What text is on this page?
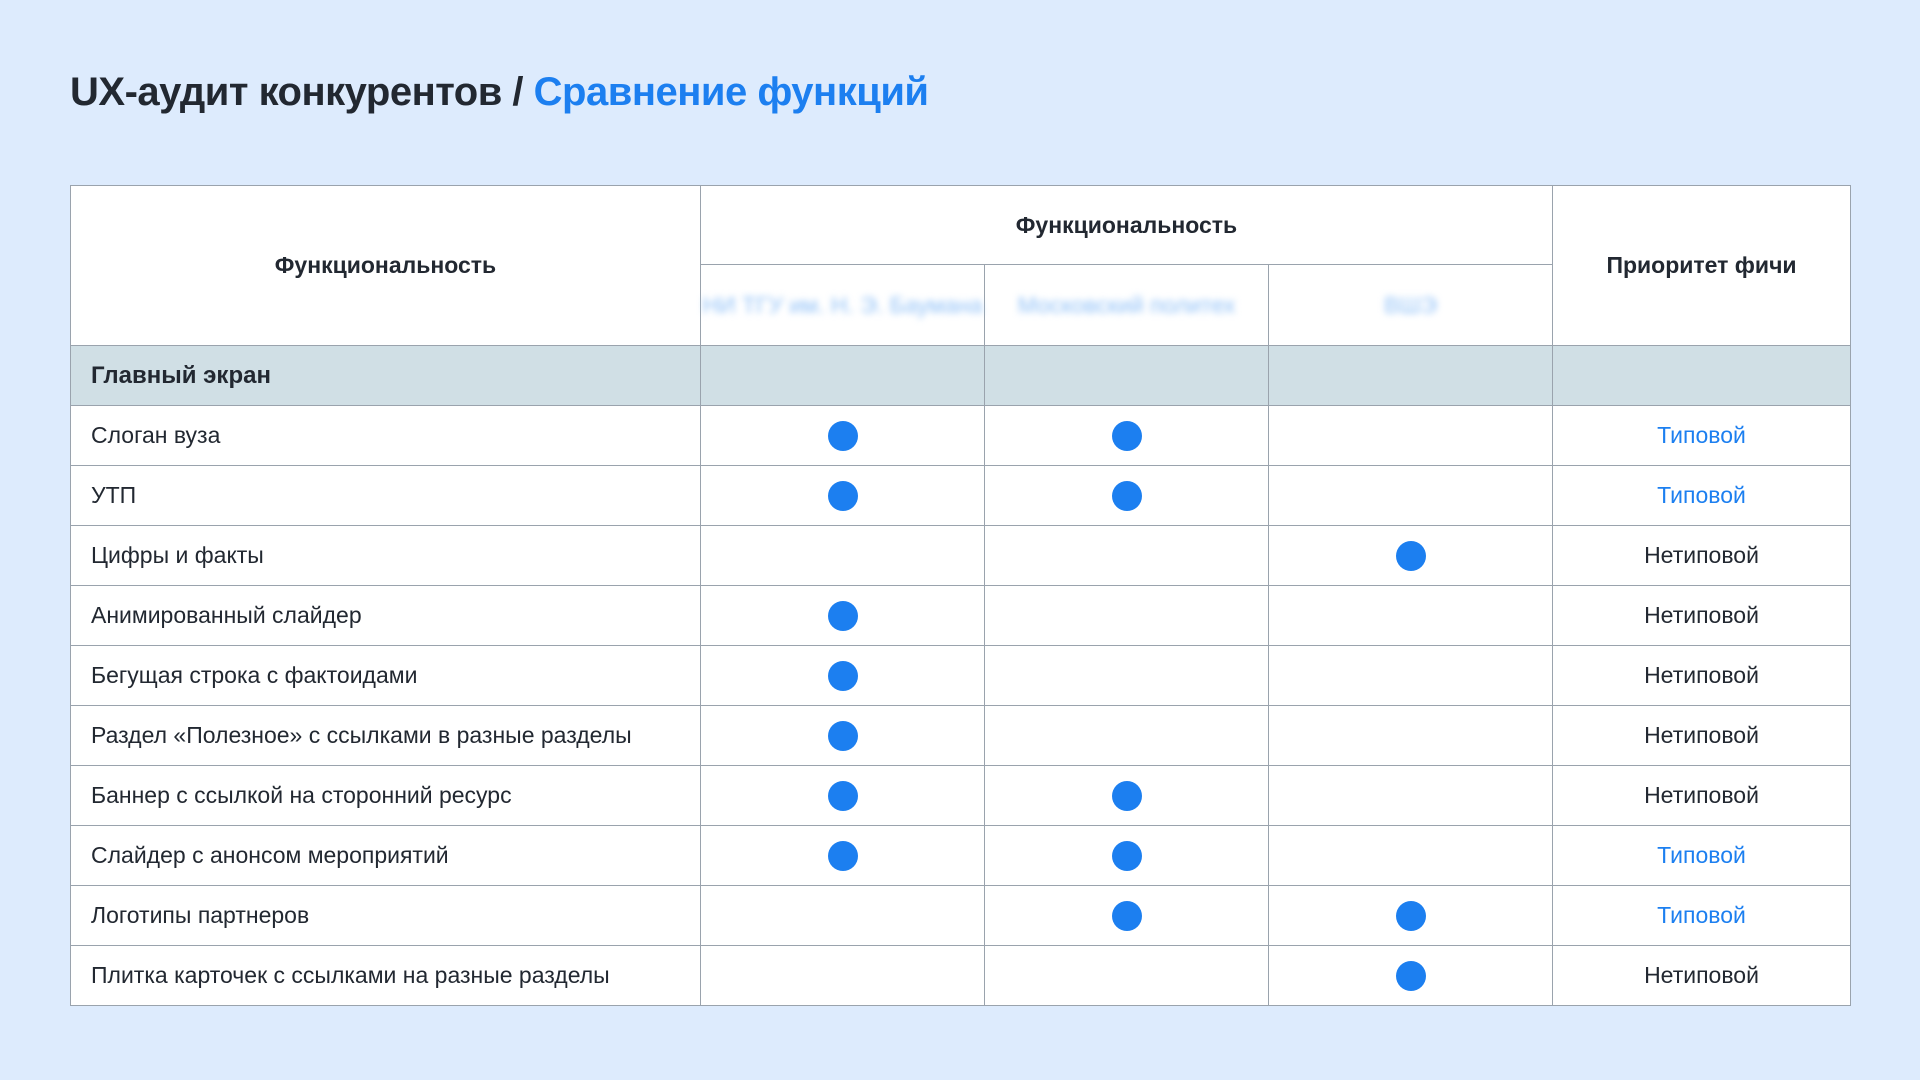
UX-аудит конкурентов / Сравнение функций
Функциональность	Функциональность			Приоритет фичи
	НИ ТГУ им. Н. Э. Баумана	Московский политех	ВШЭ	
Главный экран				
Слоган вуза				Типовой
УТП				Типовой
Цифры и факты				Нетиповой
Анимированный слайдер				Нетиповой
Бегущая строка с фактоидами				Нетиповой
Раздел «Полезное» с ссылками в разные разделы				Нетиповой
Баннер с ссылкой на сторонний ресурс				Нетиповой
Слайдер с анонсом мероприятий				Типовой
Логотипы партнеров				Типовой
Плитка карточек с ссылками на разные разделы				Нетиповой
